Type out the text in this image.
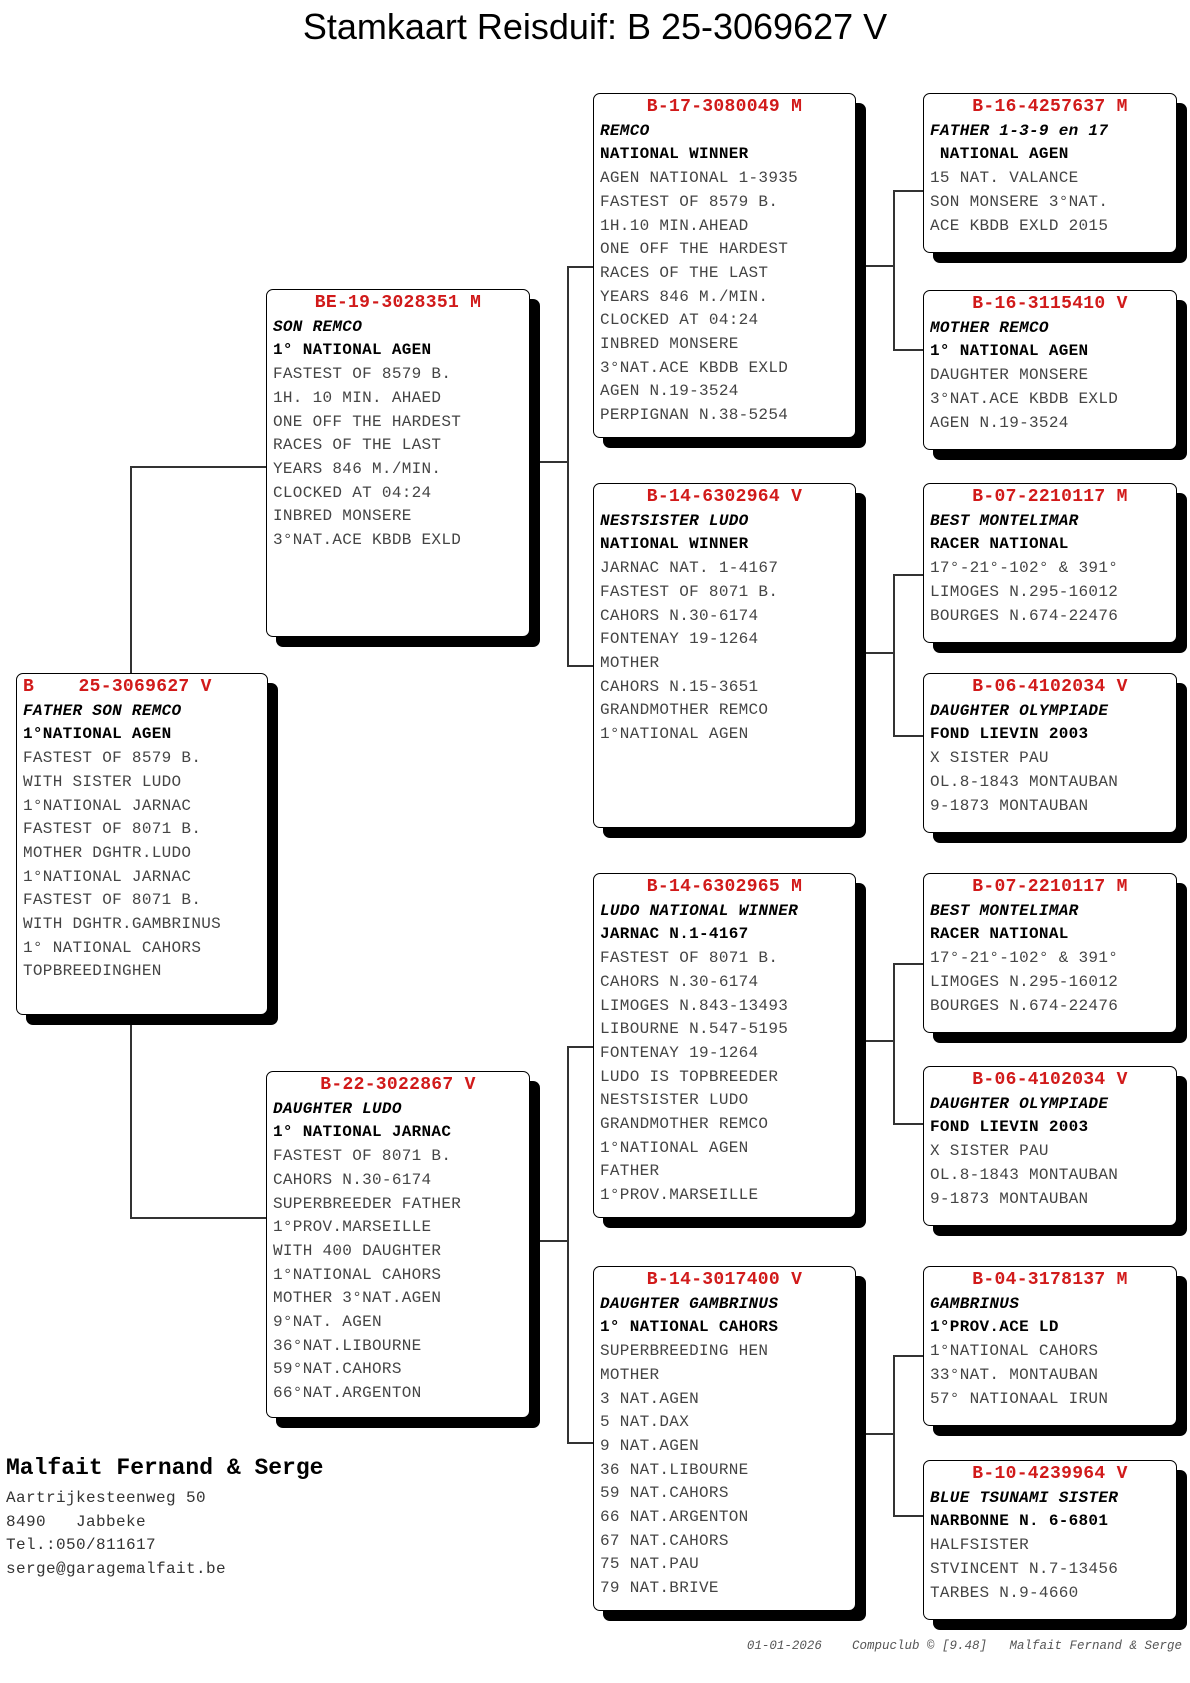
Stamkaart Reisduif: B 25-3069627 V
B    25-3069627 V
FATHER SON REMCO
1°NATIONAL AGEN
FASTEST OF 8579 B.
WITH SISTER LUDO
1°NATIONAL JARNAC
FASTEST OF 8071 B.
MOTHER DGHTR.LUDO
1°NATIONAL JARNAC
FASTEST OF 8071 B.
WITH DGHTR.GAMBRINUS
1° NATIONAL CAHORS
TOPBREEDINGHEN
BE-19-3028351 M
SON REMCO
1° NATIONAL AGEN
FASTEST OF 8579 B.
1H. 10 MIN. AHAED
ONE OFF THE HARDEST
RACES OF THE LAST
YEARS 846 M./MIN.
CLOCKED AT 04:24
INBRED MONSERE
3°NAT.ACE KBDB EXLD
B-22-3022867 V
DAUGHTER LUDO
1° NATIONAL JARNAC
FASTEST OF 8071 B.
CAHORS N.30-6174
SUPERBREEDER FATHER
1°PROV.MARSEILLE
WITH 400 DAUGHTER
1°NATIONAL CAHORS
MOTHER 3°NAT.AGEN
9°NAT. AGEN
36°NAT.LIBOURNE
59°NAT.CAHORS
66°NAT.ARGENTON
B-17-3080049 M
REMCO
NATIONAL WINNER
AGEN NATIONAL 1-3935
FASTEST OF 8579 B.
1H.10 MIN.AHEAD
ONE OFF THE HARDEST
RACES OF THE LAST
YEARS 846 M./MIN.
CLOCKED AT 04:24
INBRED MONSERE
3°NAT.ACE KBDB EXLD
AGEN N.19-3524
PERPIGNAN N.38-5254
B-14-6302964 V
NESTSISTER LUDO
NATIONAL WINNER
JARNAC NAT. 1-4167
FASTEST OF 8071 B.
CAHORS N.30-6174
FONTENAY 19-1264
MOTHER
CAHORS N.15-3651
GRANDMOTHER REMCO
1°NATIONAL AGEN
B-14-6302965 M
LUDO NATIONAL WINNER
JARNAC N.1-4167
FASTEST OF 8071 B.
CAHORS N.30-6174
LIMOGES N.843-13493
LIBOURNE N.547-5195
FONTENAY 19-1264
LUDO IS TOPBREEDER
NESTSISTER LUDO
GRANDMOTHER REMCO
1°NATIONAL AGEN
FATHER
1°PROV.MARSEILLE
B-14-3017400 V
DAUGHTER GAMBRINUS
1° NATIONAL CAHORS
SUPERBREEDING HEN
MOTHER
3 NAT.AGEN
5 NAT.DAX
9 NAT.AGEN
36 NAT.LIBOURNE
59 NAT.CAHORS
66 NAT.ARGENTON
67 NAT.CAHORS
75 NAT.PAU
79 NAT.BRIVE
B-16-4257637 M
FATHER 1-3-9 en 17
NATIONAL AGEN
15 NAT. VALANCE
SON MONSERE 3°NAT.
ACE KBDB EXLD 2015
B-16-3115410 V
MOTHER REMCO
1° NATIONAL AGEN
DAUGHTER MONSERE
3°NAT.ACE KBDB EXLD
AGEN N.19-3524
B-07-2210117 M
BEST MONTELIMAR
RACER NATIONAL
17°-21°-102° & 391°
LIMOGES N.295-16012
BOURGES N.674-22476
B-06-4102034 V
DAUGHTER OLYMPIADE
FOND LIEVIN 2003
X SISTER PAU
OL.8-1843 MONTAUBAN
9-1873 MONTAUBAN
B-07-2210117 M
BEST MONTELIMAR
RACER NATIONAL
17°-21°-102° & 391°
LIMOGES N.295-16012
BOURGES N.674-22476
B-06-4102034 V
DAUGHTER OLYMPIADE
FOND LIEVIN 2003
X SISTER PAU
OL.8-1843 MONTAUBAN
9-1873 MONTAUBAN
B-04-3178137 M
GAMBRINUS
1°PROV.ACE LD
1°NATIONAL CAHORS
33°NAT. MONTAUBAN
57° NATIONAAL IRUN
B-10-4239964 V
BLUE TSUNAMI SISTER
NARBONNE N. 6-6801
HALFSISTER
STVINCENT N.7-13456
TARBES N.9-4660
Malfait Fernand & Serge
Aartrijkesteenweg 50
8490   Jabbeke
Tel.:050/811617
serge@garagemalfait.be
01-01-2026    Compuclub © [9.48]   Malfait Fernand & Serge
